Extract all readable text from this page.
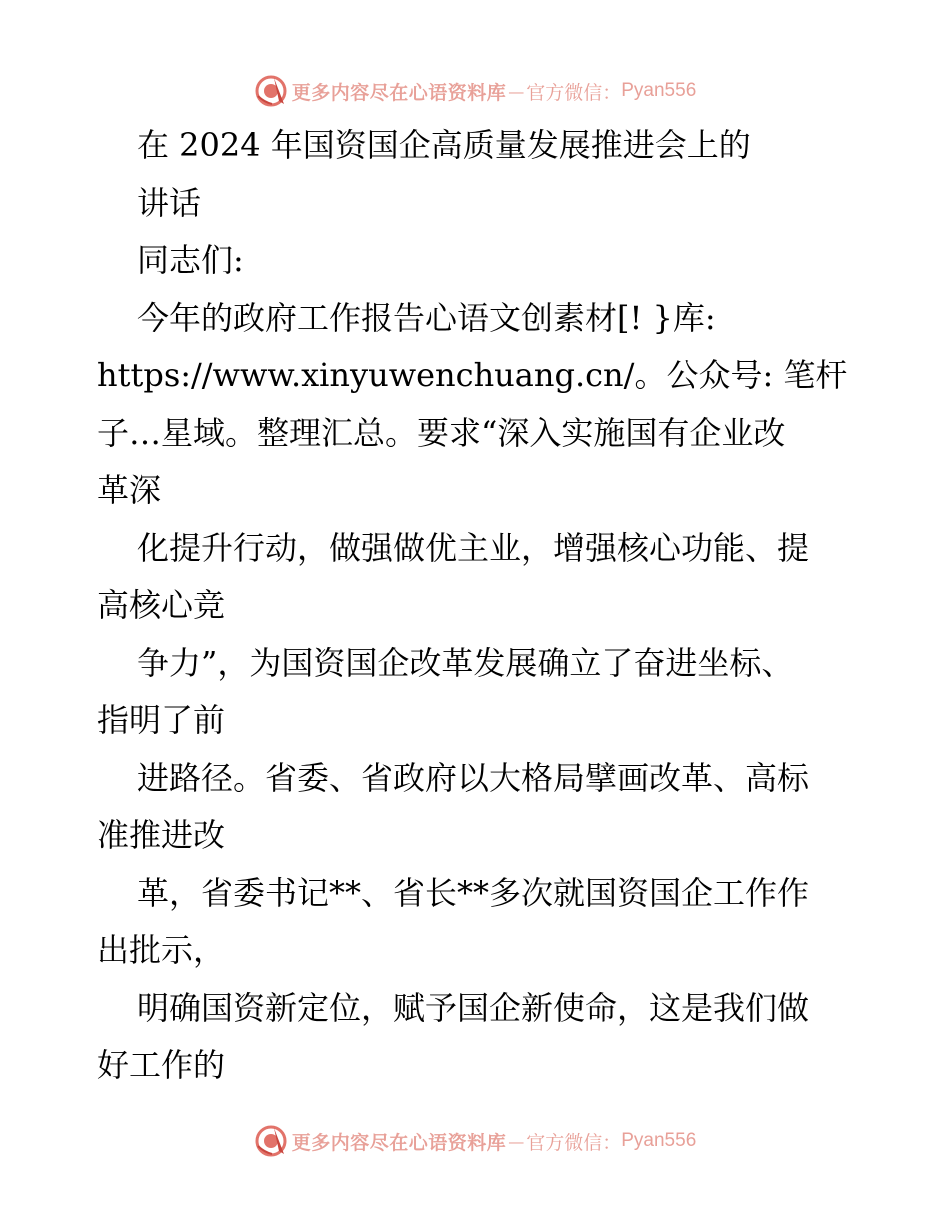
更多内容尽在心语资料库 — 官方微信： Pyan556
在 2024 年国资国企高质量发展推进会上的
讲话
同志们:
今年的政府工作报告心语文创素材[! }库:
https://www.xinyuwenchuang.cn/。公众号: 笔杆
子…星域。整理汇总。要求“深入实施国有企业改
革深
化提升行动，做强做优主业，增强核心功能、提
高核心竞
争力”，为国资国企改革发展确立了奋进坐标、
指明了前
进路径。省委、省政府以大格局擘画改革、高标
准推进改
革，省委书记**、省长**多次就国资国企工作作
出批示，
明确国资新定位，赋予国企新使命，这是我们做
好工作的
更多内容尽在心语资料库 — 官方微信： Pyan556
